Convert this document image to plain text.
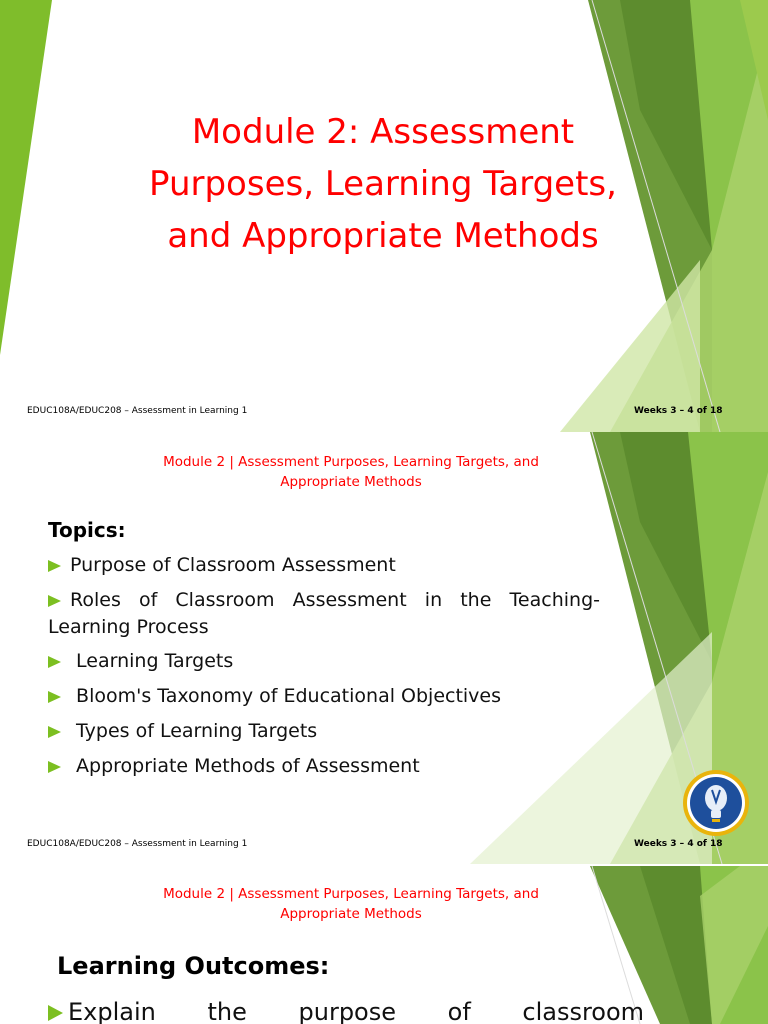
Module 2: Assessment
Purposes, Learning Targets,
and Appropriate Methods
EDUC108A/EDUC208 – Assessment in Learning 1	Weeks 3 – 4 of 18
Module 2 | Assessment Purposes, Learning Targets, and
Appropriate Methods
Topics:
Purpose of Classroom Assessment
Roles of Classroom Assessment in the Teaching-
Learning Process
Learning Targets
Bloom's Taxonomy of Educational Objectives
Types of Learning Targets
Appropriate Methods of Assessment
EDUC108A/EDUC208 – Assessment in Learning 1	Weeks 3 – 4 of 18
Module 2 | Assessment Purposes, Learning Targets, and
Appropriate Methods
Learning Outcomes:
Explain the purpose of classroom
